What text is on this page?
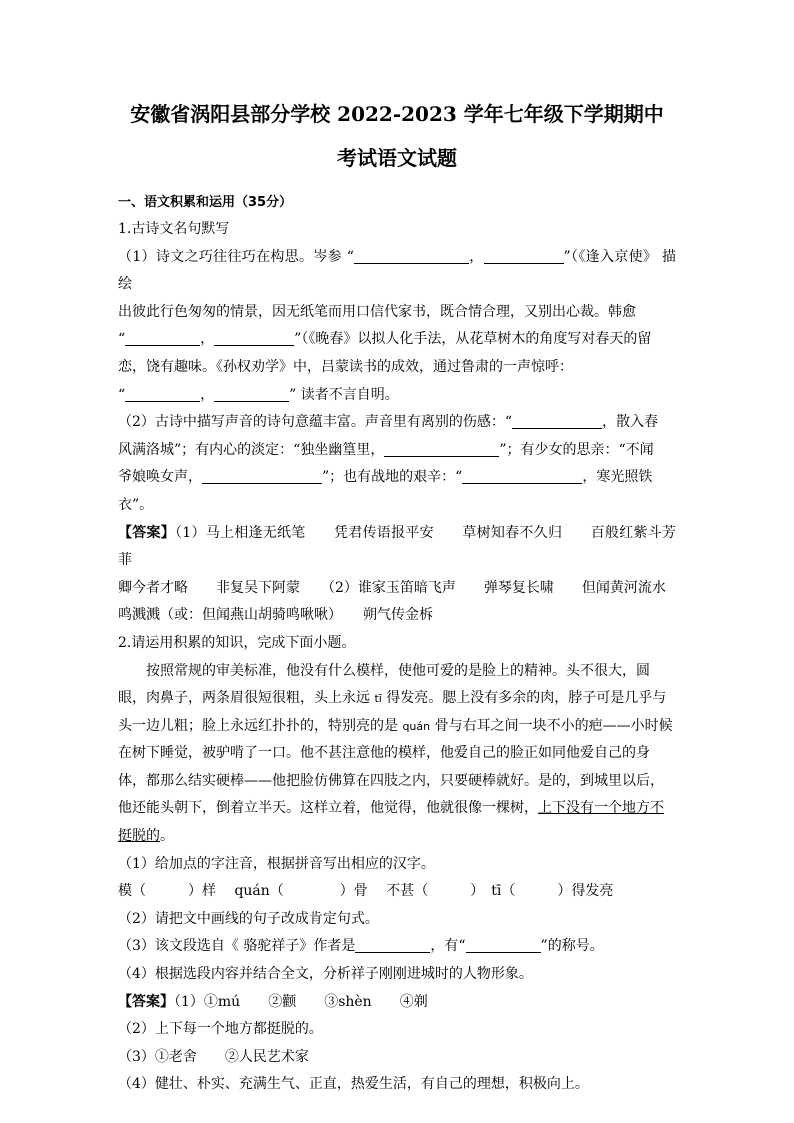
安徽省涡阳县部分学校 2022-2023 学年七年级下学期期中

考试语文试题

一、语文积累和运用（35分）

1.古诗文名句默写

（1）诗文之巧往往巧在构思。岑参 “	，	”（《逢入京使》 描绘

出彼此行色匆匆的情景，因无纸笔而用口信代家书，既合情合理，又别出心裁。韩愈

“	，	”（《晚春》以拟人化手法，从花草树木的角度写对春天的留

恋，饶有趣味。《孙权劝学》中，吕蒙读书的成效，通过鲁肃的一声惊呼：

“	，	” 读者不言自明。

（2）古诗中描写声音的诗句意蕴丰富。声音里有离别的伤感：“	，散入春

风满洛城”；有内心的淡定：“独坐幽篁里，	”；有少女的思亲：“不闻

爷娘唤女声，	”；也有战地的艰辛：“	，寒光照铁

衣”。

【答案】（1）马上相逢无纸笔　　凭君传语报平安　　草树知春不久归　　百般红紫斗芳菲

卿今者才略　　非复吴下阿蒙　　（2）谁家玉笛暗飞声　　弹琴复长啸　　但闻黄河流水

鸣溅溅（或：但闻燕山胡骑鸣啾啾）　　朔气传金柝

2.请运用积累的知识，完成下面小题。

按照常规的审美标准，他没有什么模样，使他可爱的是脸上的精神。头不很大，圆

眼，肉鼻子，两条眉很短很粗，头上永远 tī 得发亮。腮上没有多余的肉，脖子可是几乎与

头一边儿粗；脸上永远红扑扑的，特别亮的是 quán 骨与右耳之间一块不小的疤——小时候

在树下睡觉，被驴啃了一口。他不甚注意他的模样，他爱自己的脸正如同他爱自己的身

体，都那么结实硬棒——他把脸仿佛算在四肢之内，只要硬棒就好。是的，到城里以后，

他还能头朝下，倒着立半天。这样立着，他觉得，他就很像一棵树，上下没有一个地方不

挺脱的。

（1）给加点的字注音，根据拼音写出相应的汉字。

模（　　　）样　 quán（　　　　）骨　 不甚（　　　）　tī（　　　）得发亮

（2）请把文中画线的句子改成肯定句式。

（3）该文段选自《 骆驼祥子》作者是	，有“	”的称号。

（4）根据选段内容并结合全文，分析祥子刚刚进城时的人物形象。

【答案】（1）①mú　　②颧　　③shèn　　④剃

（2）上下每一个地方都挺脱的。

（3）①老舍　　②人民艺术家

（4）健壮、朴实、充满生气、正直，热爱生活，有自己的理想，积极向上。
